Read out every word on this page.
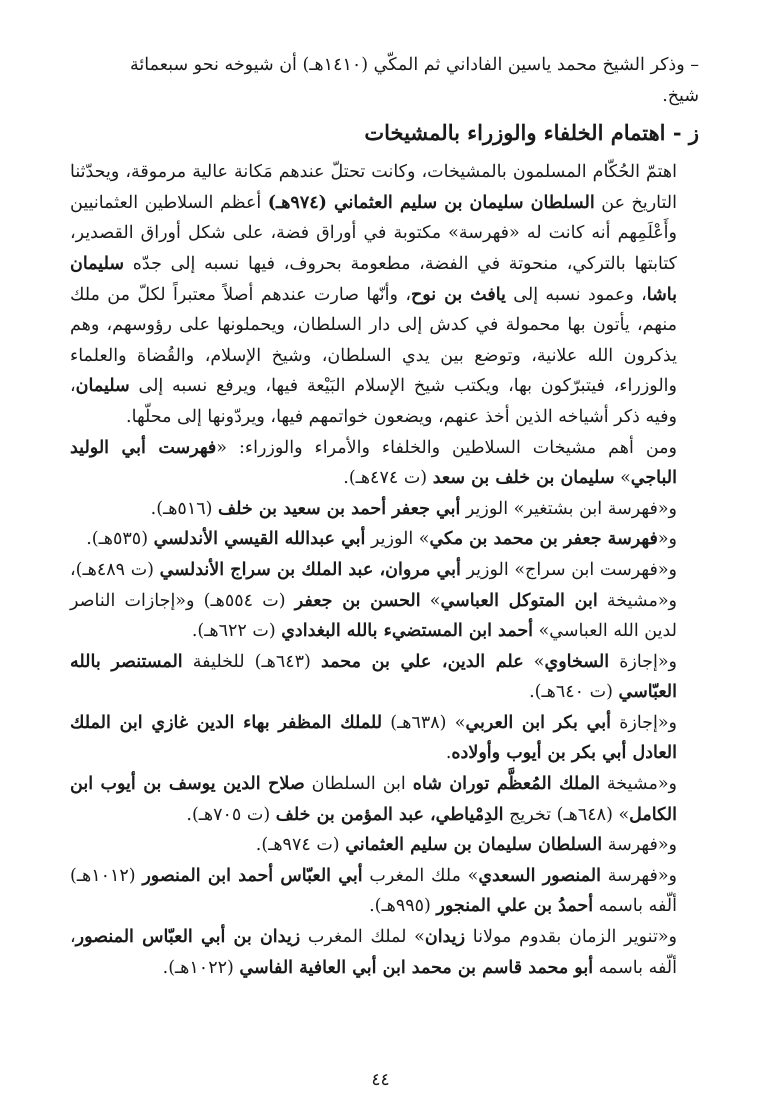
– وذكر الشيخ محمد ياسين الفاداني ثم المكّي (١٤١٠هـ) أن شيوخه نحو سبعمائة

شيخ.

ز - اهتمام الخلفاء والوزراء بالمشيخات

اهتمّ الحُكّام المسلمون بالمشيخات، وكانت تحتلّ عندهم مَكانة عالية مرموقة، ويحدّثنا التاريخ عن السلطان سليمان بن سليم العثماني (٩٧٤هـ) أعظم السلاطين العثمانيين وأَعْلَمِهم أنه كانت له «فهرسة» مكتوبة في أوراق فضة، على شكل أوراق القصدير، كتابتها بالتركي، منحوتة في الفضة، مطعومة بحروف، فيها نسبه إلى جدّه سليمان باشا، وعمود نسبه إلى يافث بن نوح، وأنّها صارت عندهم أصلاً معتبراً لكلّ من ملك منهم، يأتون بها محمولة في كدش إلى دار السلطان، ويحملونها على رؤوسهم، وهم يذكرون الله علانية، وتوضع بين يدي السلطان، وشيخ الإسلام، والقُضاة والعلماء والوزراء، فيتبرّكون بها، ويكتب شيخ الإسلام البَيْعة فيها، ويرفع نسبه إلى سليمان، وفيه ذكر أشياخه الذين أخذ عنهم، ويضعون خواتمهم فيها، ويردّونها إلى محلّها.

ومن أهم مشيخات السلاطين والخلفاء والأمراء والوزراء: «فهرست أبي الوليد الباجي» سليمان بن خلف بن سعد (ت ٤٧٤هـ).

و«فهرسة ابن بشتغير» الوزير أبي جعفر أحمد بن سعيد بن خلف (٥١٦هـ).

و«فهرسة جعفر بن محمد بن مكي» الوزير أبي عبدالله القيسي الأندلسي (٥٣٥هـ).

و«فهرست ابن سراج» الوزير أبي مروان، عبد الملك بن سراج الأندلسي (ت ٤٨٩هـ)، و«مشيخة ابن المتوكل العباسي» الحسن بن جعفر (ت ٥٥٤هـ) و«إجازات الناصر لدين الله العباسي» أحمد ابن المستضيء بالله البغدادي (ت ٦٢٢هـ).

و«إجازة السخاوي» علم الدين، علي بن محمد (٦٤٣هـ) للخليفة المستنصر بالله العبّاسي (ت ٦٤٠هـ).

و«إجازة أبي بكر ابن العربي» (٦٣٨هـ) للملك المظفر بهاء الدين غازي ابن الملك العادل أبي بكر بن أيوب وأولاده.

و«مشيخة الملك المُعظَّم توران شاه ابن السلطان صلاح الدين يوسف بن أيوب ابن الكامل» (٦٤٨هـ) تخريج الدِمْياطي، عبد المؤمن بن خلف (ت ٧٠٥هـ).

و«فهرسة السلطان سليمان بن سليم العثماني (ت ٩٧٤هـ).

و«فهرسة المنصور السعدي» ملك المغرب أبي العبّاس أحمد ابن المنصور (١٠١٢هـ) ألّفه باسمه أحمدُ بن علي المنجور (٩٩٥هـ).

و«تنوير الزمان بقدوم مولانا زيدان» لملك المغرب زيدان بن أبي العبّاس المنصور، ألّفه باسمه أبو محمد قاسم بن محمد ابن أبي العافية الفاسي (١٠٢٢هـ).

٤٤
